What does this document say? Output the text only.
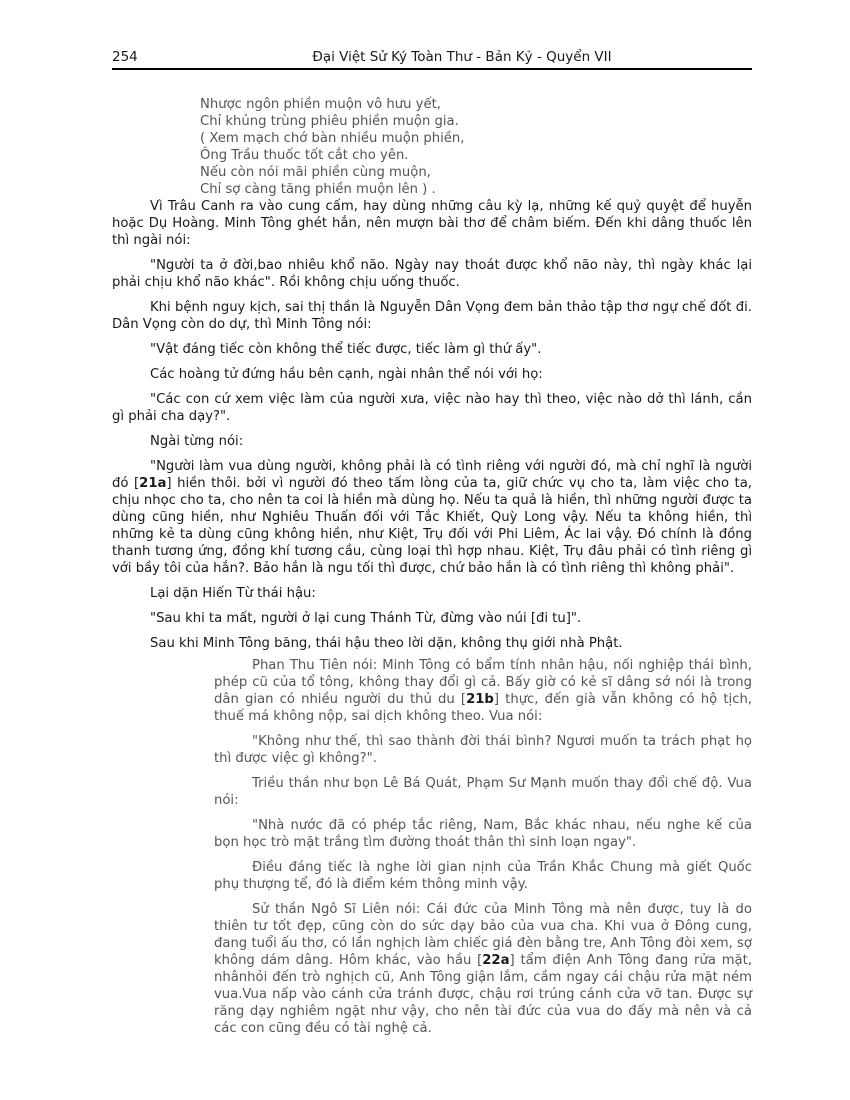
254	Đại Việt Sử Ký Toàn Thư - Bản Kỷ - Quyển VII
Nhược ngôn phiền muộn vô hưu yết,
Chỉ khủng trùng phiêu phiền muộn gia.
( Xem mạch chớ bàn nhiều muộn phiền,
Ông Trầu thuốc tốt cắt cho yên.
Nếu còn nói mãi phiền cùng muộn,
Chỉ sợ càng tăng phiền muộn lên ) .

Vì Trâu Canh ra vào cung cấm, hay dùng những câu kỳ lạ, những kế quỷ quyệt để huyễn hoặc Dụ Hoàng. Minh Tông ghét hắn, nên mượn bài thơ để châm biếm. Đến khi dâng thuốc lên thì ngài nói:

"Người ta ở đời,bao nhiêu khổ não. Ngày nay thoát được khổ não này, thì ngày khác lại phải chịu khổ não khác". Rồi không chịu uống thuốc.

Khi bệnh nguy kịch, sai thị thần là Nguyễn Dân Vọng đem bản thảo tập thơ ngự chế đốt đi. Dân Vọng còn do dự, thì Minh Tông nói:

"Vật đáng tiếc còn không thể tiếc được, tiếc làm gì thứ ấy".

Các hoàng tử đứng hầu bên cạnh, ngài nhân thể nói với họ:

"Các con cứ xem việc làm của người xưa, việc nào hay thì theo, việc nào dở thì lánh, cần gì phải cha dạy?".

Ngài từng nói:

"Người làm vua dùng người, không phải là có tình riêng với người đó, mà chỉ nghĩ là người đó [21a] hiền thôi. bởi vì người đó theo tấm lòng của ta, giữ chức vụ cho ta, làm việc cho ta, chịu nhọc cho ta, cho nên ta coi là hiền mà dùng họ. Nếu ta quả là hiền, thì những người được ta dùng cũng hiền, như Nghiêu Thuấn đối với Tắc Khiết, Quỳ Long vậy. Nếu ta không hiền, thì những kẻ ta dùng cũng không hiền, như Kiệt, Trụ đối với Phi Liêm, Ác lai vậy. Đó chính là đồng thanh tương ứng, đồng khí tương cầu, cùng loại thì hợp nhau. Kiệt, Trụ đâu phải có tình riêng gì với bầy tôi của hắn?. Bảo hắn là ngu tối thì được, chứ bảo hắn là có tình riêng thì không phải".

Lại dặn Hiến Từ thái hậu:

"Sau khi ta mất, người ở lại cung Thánh Từ, đừng vào núi [đi tu]".

Sau khi Minh Tông băng, thái hậu theo lời dặn, không thụ giới nhà Phật.

Phan Thu Tiên nói: Minh Tông có bẩm tính nhân hậu, nối nghiệp thái bình, phép cũ của tổ tông, không thay đổi gì cả. Bấy giờ có kẻ sĩ dâng sớ nói là trong dân gian có nhiều người du thủ du [21b] thực, đến già vẫn không có hộ tịch, thuế má không nộp, sai dịch không theo. Vua nói:

"Không như thế, thì sao thành đời thái bình? Ngươi muốn ta trách phạt họ thì được việc gì không?".

Triều thần như bọn Lê Bá Quát, Phạm Sư Mạnh muốn thay đổi chế độ. Vua nói:

"Nhà nước đã có phép tắc riêng, Nam, Bắc khác nhau, nếu nghe kế của bọn học trò mặt trắng tìm đường thoát thân thì sinh loạn ngay".

Điều đáng tiếc là nghe lời gian nịnh của Trần Khắc Chung mà giết Quốc phụ thượng tể, đó là điểm kém thông minh vậy.

Sử thần Ngô Sĩ Liên nói: Cái đức của Minh Tông mà nên được, tuy là do thiên tư tốt đẹp, cũng còn do sức dạy bảo của vua cha. Khi vua ở Đông cung, đang tuổi ấu thơ, có lần nghịch làm chiếc giá đèn bằng tre, Anh Tông đòi xem, sợ không dám dâng. Hôm khác, vào hầu [22a] tẩm điện Anh Tông đang rửa mặt, nhânhỏi đến trò nghịch cũ, Anh Tông giận lắm, cầm ngay cái chậu rửa mặt ném vua.Vua nấp vào cánh cửa tránh được, chậu rơi trúng cánh cửa vỡ tan. Được sự răng dạy nghiêm ngặt như vậy, cho nên tài đức của vua do đấy mà nên và cả các con cũng đều có tài nghệ cả.
